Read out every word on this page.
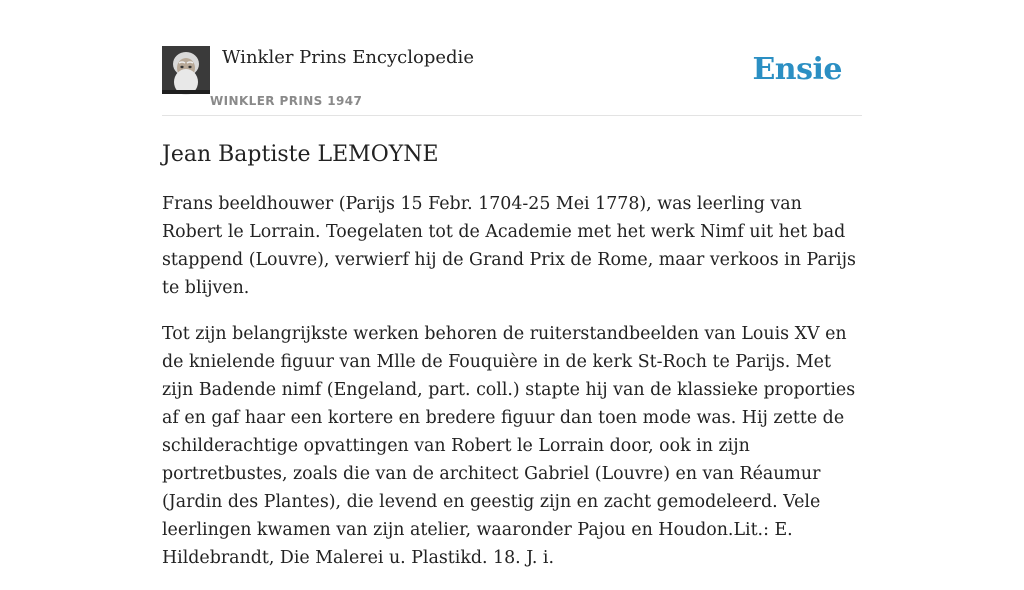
Winkler Prins Encyclopedie
WINKLER PRINS 1947
Ensie
Jean Baptiste LEMOYNE

Frans beeldhouwer (Parijs 15 Febr. 1704-25 Mei 1778), was leerling van Robert le Lorrain. Toegelaten tot de Academie met het werk Nimf uit het bad stappend (Louvre), verwierf hij de Grand Prix de Rome, maar verkoos in Parijs te blijven.

Tot zijn belangrijkste werken behoren de ruiterstandbeelden van Louis XV en de knielende figuur van Mlle de Fouquière in de kerk St-Roch te Parijs. Met zijn Badende nimf (Engeland, part. coll.) stapte hij van de klassieke proporties af en gaf haar een kortere en bredere figuur dan toen mode was. Hij zette de schilderachtige opvattingen van Robert le Lorrain door, ook in zijn portretbustes, zoals die van de architect Gabriel (Louvre) en van Réaumur (Jardin des Plantes), die levend en geestig zijn en zacht gemodeleerd. Vele leerlingen kwamen van zijn atelier, waaronder Pajou en Houdon.Lit.: E. Hildebrandt, Die Malerei u. Plastikd. 18. J. i.
